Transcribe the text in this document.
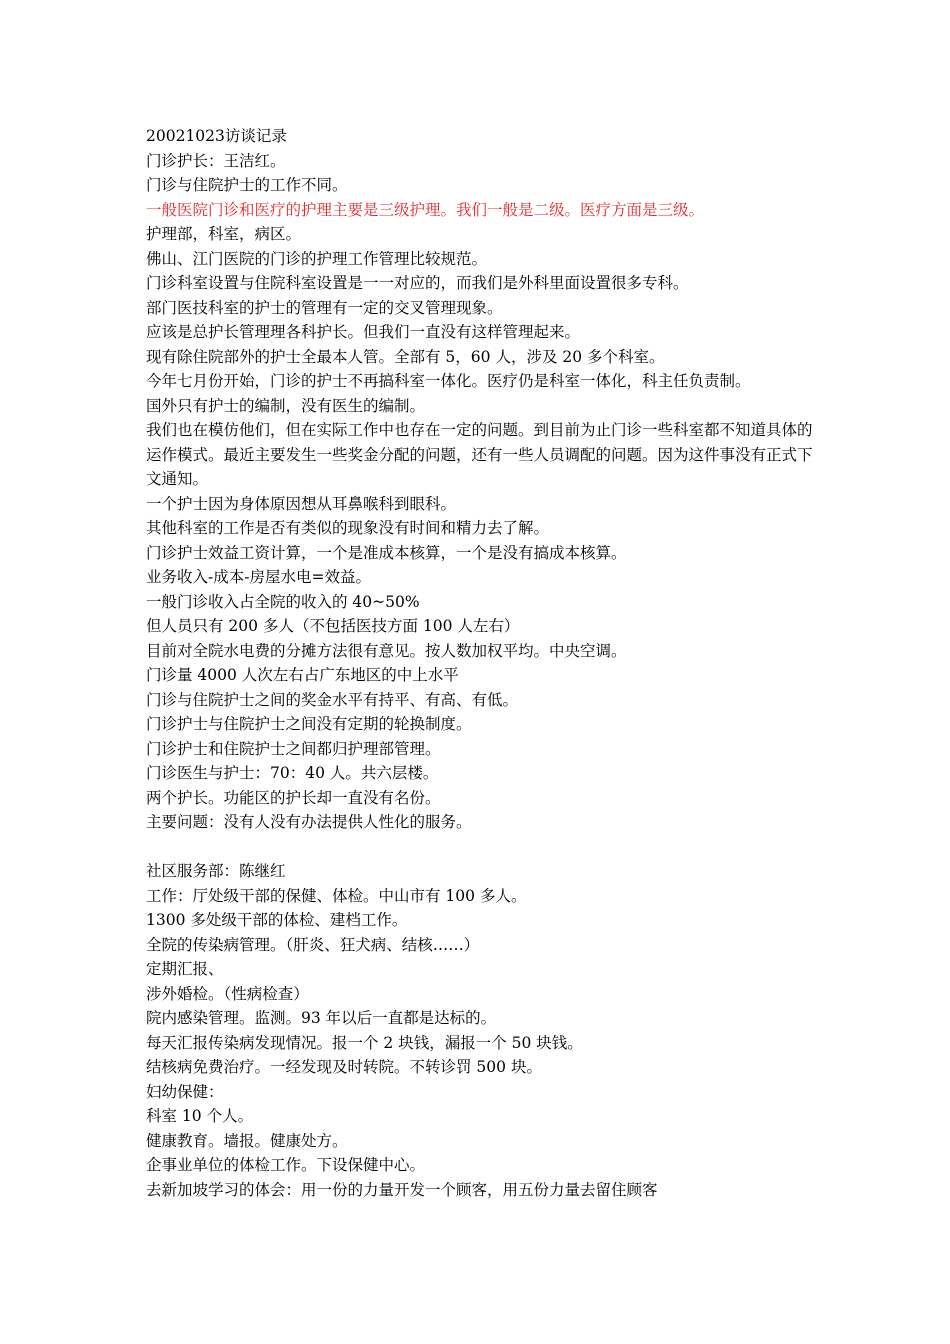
20021023访谈记录

门诊护长：王洁红。

门诊与住院护士的工作不同。

一般医院门诊和医疗的护理主要是三级护理。我们一般是二级。医疗方面是三级。

护理部，科室，病区。

佛山、江门医院的门诊的护理工作管理比较规范。

门诊科室设置与住院科室设置是一一对应的，而我们是外科里面设置很多专科。

部门医技科室的护士的管理有一定的交叉管理现象。

应该是总护长管理理各科护长。但我们一直没有这样管理起来。

现有除住院部外的护士全最本人管。全部有 5，60 人，涉及 20 多个科室。

今年七月份开始，门诊的护士不再搞科室一体化。医疗仍是科室一体化，科主任负责制。

国外只有护士的编制，没有医生的编制。

我们也在模仿他们，但在实际工作中也存在一定的问题。到目前为止门诊一些科室都不知道具体的运作模式。最近主要发生一些奖金分配的问题，还有一些人员调配的问题。因为这件事没有正式下文通知。

一个护士因为身体原因想从耳鼻喉科到眼科。

其他科室的工作是否有类似的现象没有时间和精力去了解。

门诊护士效益工资计算，一个是准成本核算，一个是没有搞成本核算。

业务收入-成本-房屋水电=效益。

一般门诊收入占全院的收入的 40~50%

但人员只有 200 多人（不包括医技方面 100 人左右）

目前对全院水电费的分摊方法很有意见。按人数加权平均。中央空调。

门诊量 4000 人次左右占广东地区的中上水平

门诊与住院护士之间的奖金水平有持平、有高、有低。

门诊护士与住院护士之间没有定期的轮换制度。

门诊护士和住院护士之间都归护理部管理。

门诊医生与护士：70：40 人。共六层楼。

两个护长。功能区的护长却一直没有名份。

主要问题：没有人没有办法提供人性化的服务。

社区服务部：陈继红

工作：厅处级干部的保健、体检。中山市有 100 多人。

1300 多处级干部的体检、建档工作。

全院的传染病管理。（肝炎、狂犬病、结核……）

定期汇报、

涉外婚检。（性病检查）

院内感染管理。监测。93 年以后一直都是达标的。

每天汇报传染病发现情况。报一个 2 块钱，漏报一个 50 块钱。

结核病免费治疗。一经发现及时转院。不转诊罚 500 块。

妇幼保健：

科室 10 个人。

健康教育。墙报。健康处方。

企事业单位的体检工作。下设保健中心。

去新加坡学习的体会：用一份的力量开发一个顾客，用五份力量去留住顾客
